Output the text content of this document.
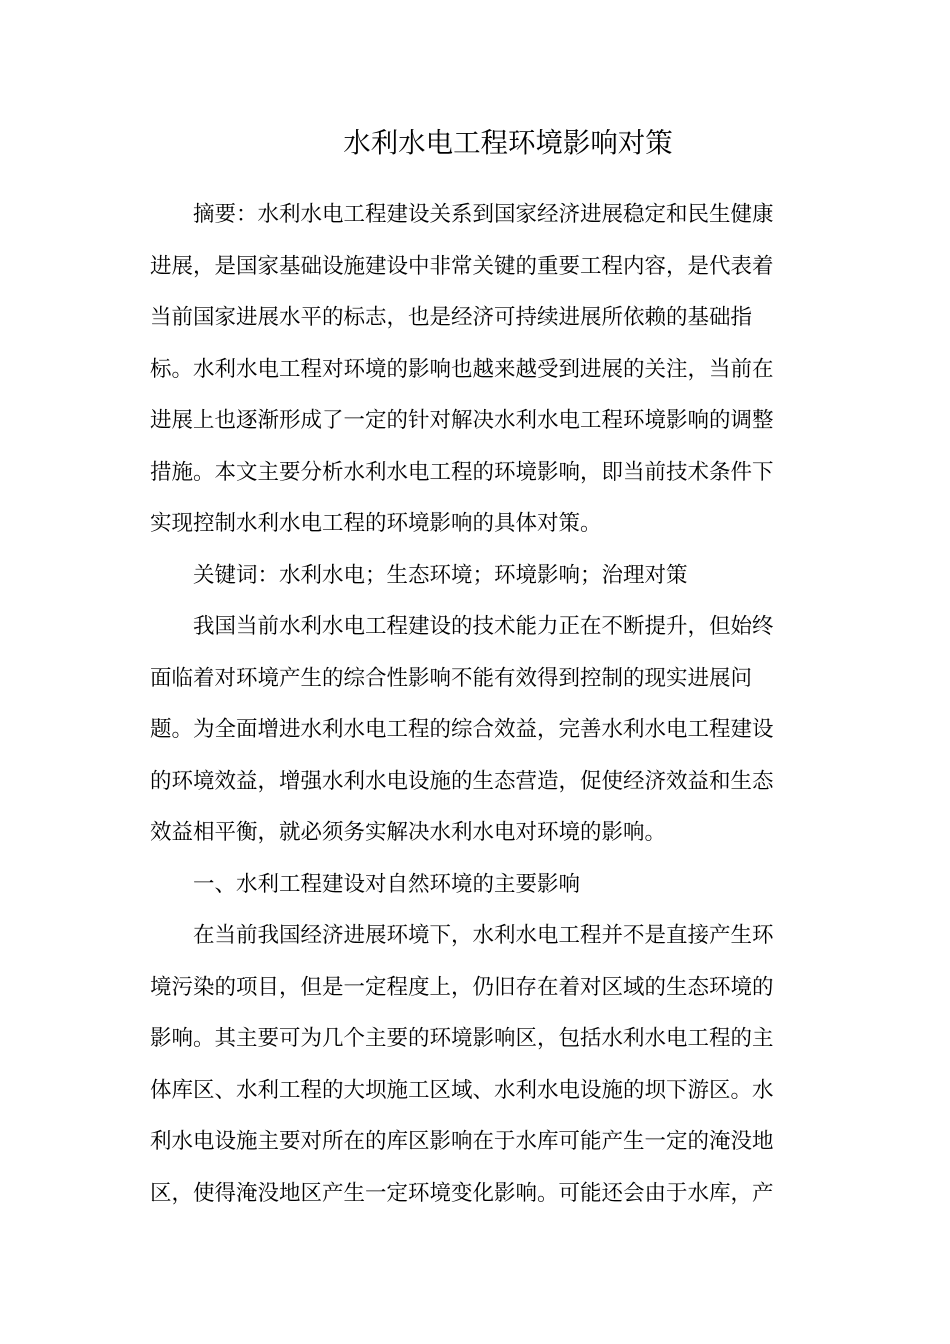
水利水电工程环境影响对策
摘要：水利水电工程建设关系到国家经济进展稳定和民生健康
进展，是国家基础设施建设中非常关键的重要工程内容，是代表着
当前国家进展水平的标志，也是经济可持续进展所依赖的基础指
标。水利水电工程对环境的影响也越来越受到进展的关注，当前在
进展上也逐渐形成了一定的针对解决水利水电工程环境影响的调整
措施。本文主要分析水利水电工程的环境影响，即当前技术条件下
实现控制水利水电工程的环境影响的具体对策。
关键词：水利水电；生态环境；环境影响；治理对策
我国当前水利水电工程建设的技术能力正在不断提升，但始终
面临着对环境产生的综合性影响不能有效得到控制的现实进展问
题。为全面增进水利水电工程的综合效益，完善水利水电工程建设
的环境效益，增强水利水电设施的生态营造，促使经济效益和生态
效益相平衡，就必须务实解决水利水电对环境的影响。
一、水利工程建设对自然环境的主要影响
在当前我国经济进展环境下，水利水电工程并不是直接产生环
境污染的项目，但是一定程度上，仍旧存在着对区域的生态环境的
影响。其主要可为几个主要的环境影响区，包括水利水电工程的主
体库区、水利工程的大坝施工区域、水利水电设施的坝下游区。水
利水电设施主要对所在的库区影响在于水库可能产生一定的淹没地
区，使得淹没地区产生一定环境变化影响。可能还会由于水库，产
